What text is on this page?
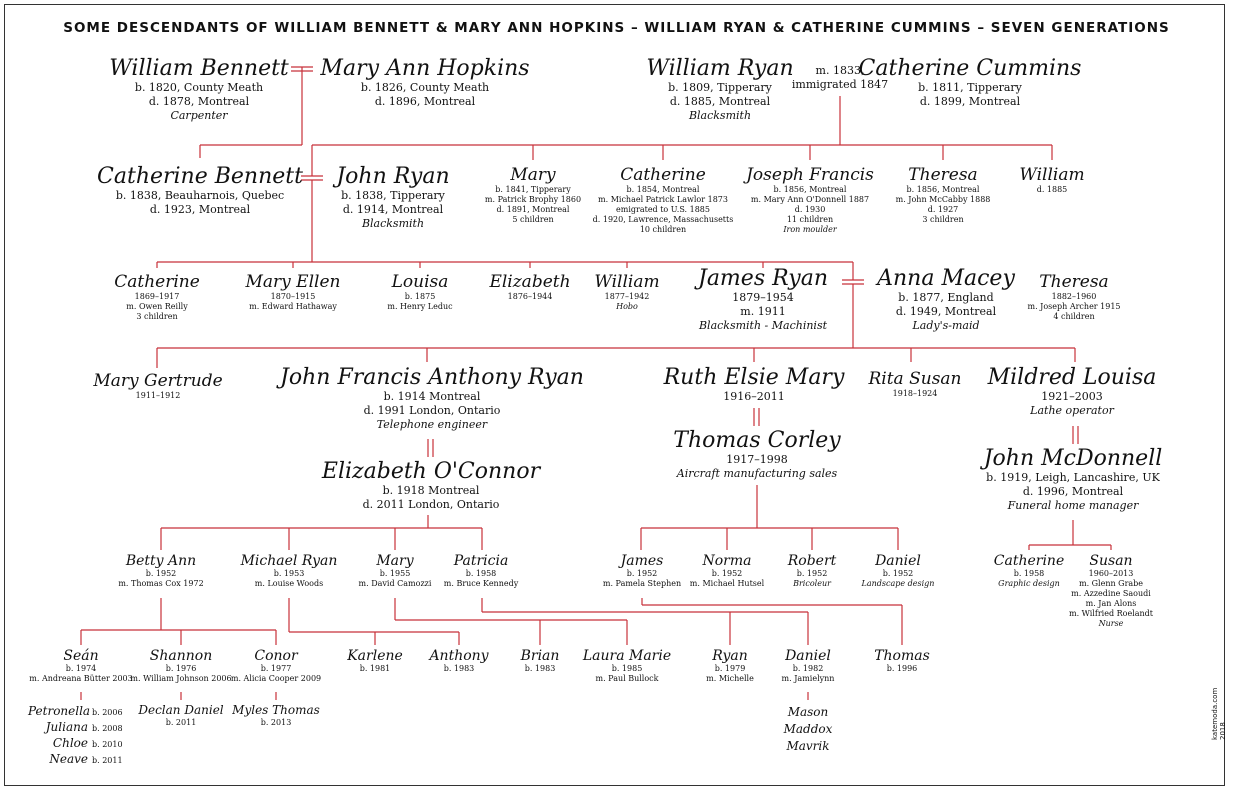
SOME DESCENDANTS OF WILLIAM BENNETT & MARY ANN HOPKINS – WILLIAM RYAN & CATHERINE CUMMINS – SEVEN GENERATIONS
William Bennett
b. 1820, County Meath
d. 1878, Montreal
Carpenter
Mary Ann Hopkins
b. 1826, County Meath
d. 1896, Montreal
William Ryan
b. 1809, Tipperary
d. 1885, Montreal
Blacksmith
m. 1833,
immigrated 1847
Catherine Cummins
b. 1811, Tipperary
d. 1899, Montreal
Catherine Bennett
b. 1838, Beauharnois, Quebec
d. 1923, Montreal
John Ryan
b. 1838, Tipperary
d. 1914, Montreal
Blacksmith
Mary
b. 1841, Tipperary
m. Patrick Brophy 1860
d. 1891, Montreal
5 children
Catherine
b. 1854, Montreal
m. Michael Patrick Lawlor 1873
emigrated to U.S. 1885
d. 1920, Lawrence, Massachusetts
10 children
Joseph Francis
b. 1856, Montreal
m. Mary Ann O'Donnell 1887
d. 1930
11 children
Iron moulder
Theresa
b. 1856, Montreal
m. John McCabby 1888
d. 1927
3 children
William
d. 1885
Catherine
1869–1917
m. Owen Reilly
3 children
Mary Ellen
1870–1915
m. Edward Hathaway
Louisa
b. 1875
m. Henry Leduc
Elizabeth
1876–1944
William
1877–1942
Hobo
James Ryan
1879–1954
m. 1911
Blacksmith - Machinist
Anna Macey
b. 1877, England
d. 1949, Montreal
Lady's-maid
Theresa
1882–1960
m. Joseph Archer 1915
4 children
Mary Gertrude
1911–1912
John Francis Anthony Ryan
b. 1914 Montreal
d. 1991 London, Ontario
Telephone engineer
Ruth Elsie Mary
1916–2011
Rita Susan
1918–1924
Mildred Louisa
1921–2003
Lathe operator
Elizabeth O'Connor
b. 1918 Montreal
d. 2011 London, Ontario
Thomas Corley
1917–1998
Aircraft manufacturing sales
John McDonnell
b. 1919, Leigh, Lancashire, UK
d. 1996, Montreal
Funeral home manager
Betty Ann
b. 1952
m. Thomas Cox 1972
Michael Ryan
b. 1953
m. Louise Woods
Mary
b. 1955
m. David Camozzi
Patricia
b. 1958
m. Bruce Kennedy
James
b. 1952
m. Pamela Stephen
Norma
b. 1952
m. Michael Hutsel
Robert
b. 1952
Bricoleur
Daniel
b. 1952
Landscape design
Catherine
b. 1958
Graphic design
Susan
1960–2013
m. Glenn Grabe
m. Azzedine Saoudi
m. Jan Alons
m. Wilfried Roelandt
Nurse
Seán
b. 1974
m. Andreana Bütter 2003
Shannon
b. 1976
m. William Johnson 2006
Conor
b. 1977
m. Alicia Cooper 2009
Karlene
b. 1981
Anthony
b. 1983
Brian
b. 1983
Laura Marie
b. 1985
m. Paul Bullock
Ryan
b. 1979
m. Michelle
Daniel
b. 1982
m. Jamielynn
Thomas
b. 1996
Petronella b. 2006
Juliana b. 2008
Chloe b. 2010
Neave b. 2011
Declan Daniel
b. 2011
Myles Thomas
b. 2013
Mason
Maddox
Mavrik
katemoda.com 2018
